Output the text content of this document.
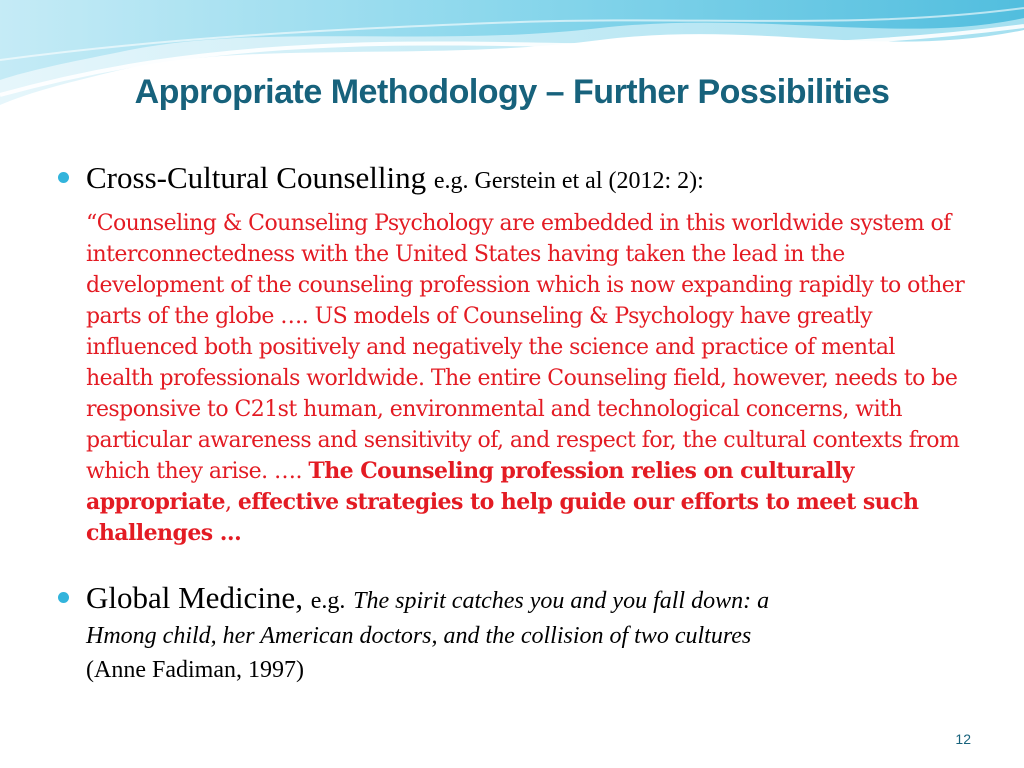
Appropriate Methodology – Further Possibilities
Cross-Cultural Counselling e.g. Gerstein et al (2012: 2):
“Counseling & Counseling Psychology are embedded in this worldwide system of interconnectedness with the United States having taken the lead in the development of the counseling profession which is now expanding rapidly to other parts of the globe …. US models of Counseling & Psychology have greatly influenced both positively and negatively the science and practice of mental health professionals worldwide. The entire Counseling field, however, needs to be responsive to C21st human, environmental and technological concerns, with particular awareness and sensitivity of, and respect for, the cultural contexts from which they arise. …. The Counseling profession relies on culturally appropriate, effective strategies to help guide our efforts to meet such challenges …
Global Medicine, e.g. The spirit catches you and you fall down: a
Hmong child, her American doctors, and the collision of two cultures
(Anne Fadiman, 1997)
12
